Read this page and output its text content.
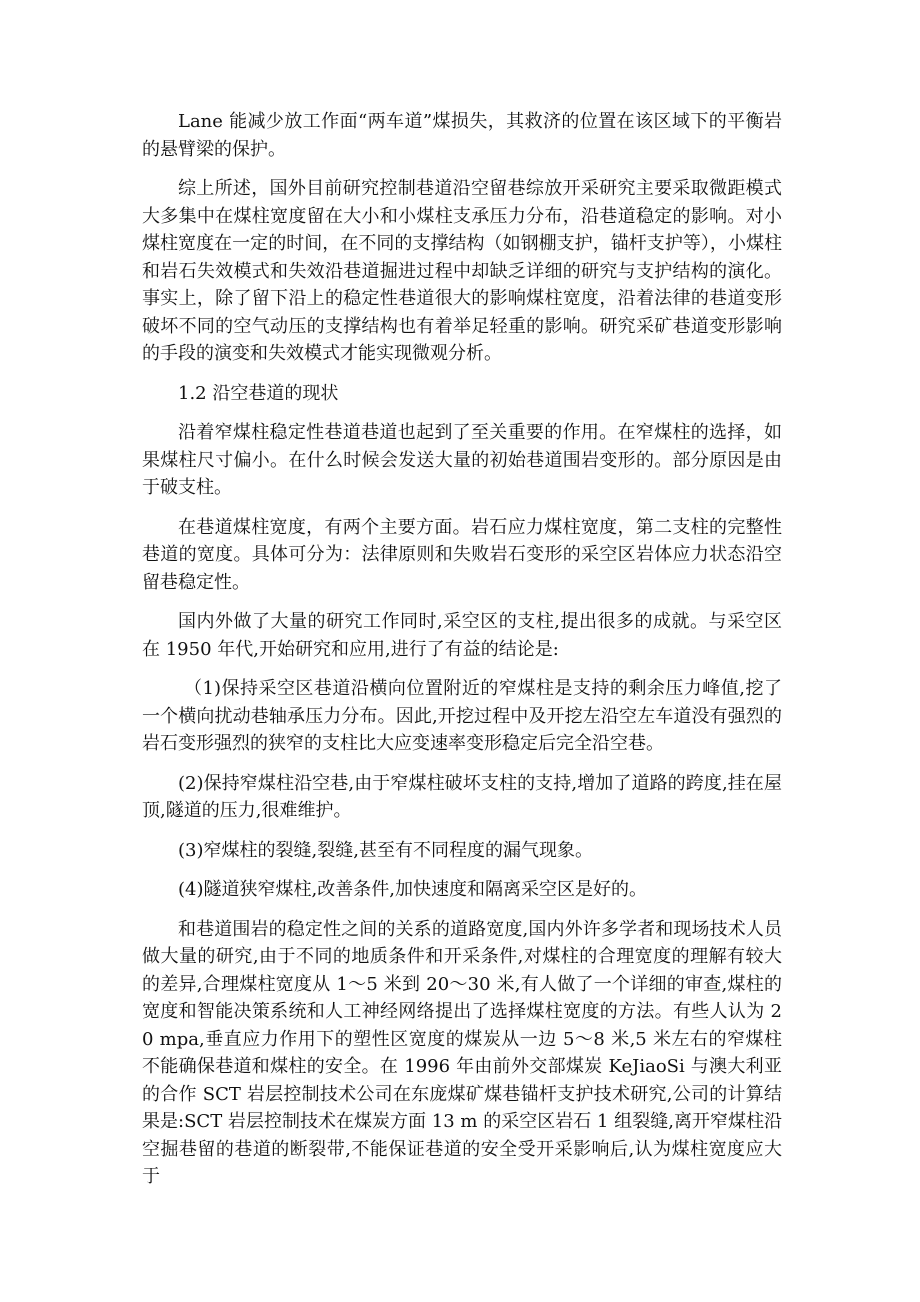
Lane 能减少放工作面“两车道”煤损失，其救济的位置在该区域下的平衡岩的悬臂梁的保护。

综上所述，国外目前研究控制巷道沿空留巷综放开采研究主要采取微距模式大多集中在煤柱宽度留在大小和小煤柱支承压力分布，沿巷道稳定的影响。对小煤柱宽度在一定的时间，在不同的支撑结构（如钢棚支护，锚杆支护等），小煤柱和岩石失效模式和失效沿巷道掘进过程中却缺乏详细的研究与支护结构的演化。事实上，除了留下沿上的稳定性巷道很大的影响煤柱宽度，沿着法律的巷道变形破坏不同的空气动压的支撑结构也有着举足轻重的影响。研究采矿巷道变形影响的手段的演变和失效模式才能实现微观分析。

1.2 沿空巷道的现状

沿着窄煤柱稳定性巷道巷道也起到了至关重要的作用。在窄煤柱的选择，如果煤柱尺寸偏小。在什么时候会发送大量的初始巷道围岩变形的。部分原因是由于破支柱。

在巷道煤柱宽度，有两个主要方面。岩石应力煤柱宽度，第二支柱的完整性巷道的宽度。具体可分为：法律原则和失败岩石变形的采空区岩体应力状态沿空留巷稳定性。

国内外做了大量的研究工作同时,采空区的支柱,提出很多的成就。与采空区在 1950 年代,开始研究和应用,进行了有益的结论是:

（1)保持采空区巷道沿横向位置附近的窄煤柱是支持的剩余压力峰值,挖了一个横向扰动巷轴承压力分布。因此,开挖过程中及开挖左沿空左车道没有强烈的岩石变形强烈的狭窄的支柱比大应变速率变形稳定后完全沿空巷。

(2)保持窄煤柱沿空巷,由于窄煤柱破坏支柱的支持,增加了道路的跨度,挂在屋顶,隧道的压力,很难维护。

(3)窄煤柱的裂缝,裂缝,甚至有不同程度的漏气现象。

(4)隧道狭窄煤柱,改善条件,加快速度和隔离采空区是好的。

和巷道围岩的稳定性之间的关系的道路宽度,国内外许多学者和现场技术人员做大量的研究,由于不同的地质条件和开采条件,对煤柱的合理宽度的理解有较大的差异,合理煤柱宽度从 1～5 米到 20～30 米,有人做了一个详细的审查,煤柱的宽度和智能决策系统和人工神经网络提出了选择煤柱宽度的方法。有些人认为 20 mpa,垂直应力作用下的塑性区宽度的煤炭从一边 5～8 米,5 米左右的窄煤柱不能确保巷道和煤柱的安全。在 1996 年由前外交部煤炭 KeJiaoSi 与澳大利亚的合作 SCT 岩层控制技术公司在东庞煤矿煤巷锚杆支护技术研究,公司的计算结果是:SCT 岩层控制技术在煤炭方面 13 m 的采空区岩石 1 组裂缝,离开窄煤柱沿空掘巷留的巷道的断裂带,不能保证巷道的安全受开采影响后,认为煤柱宽度应大于
